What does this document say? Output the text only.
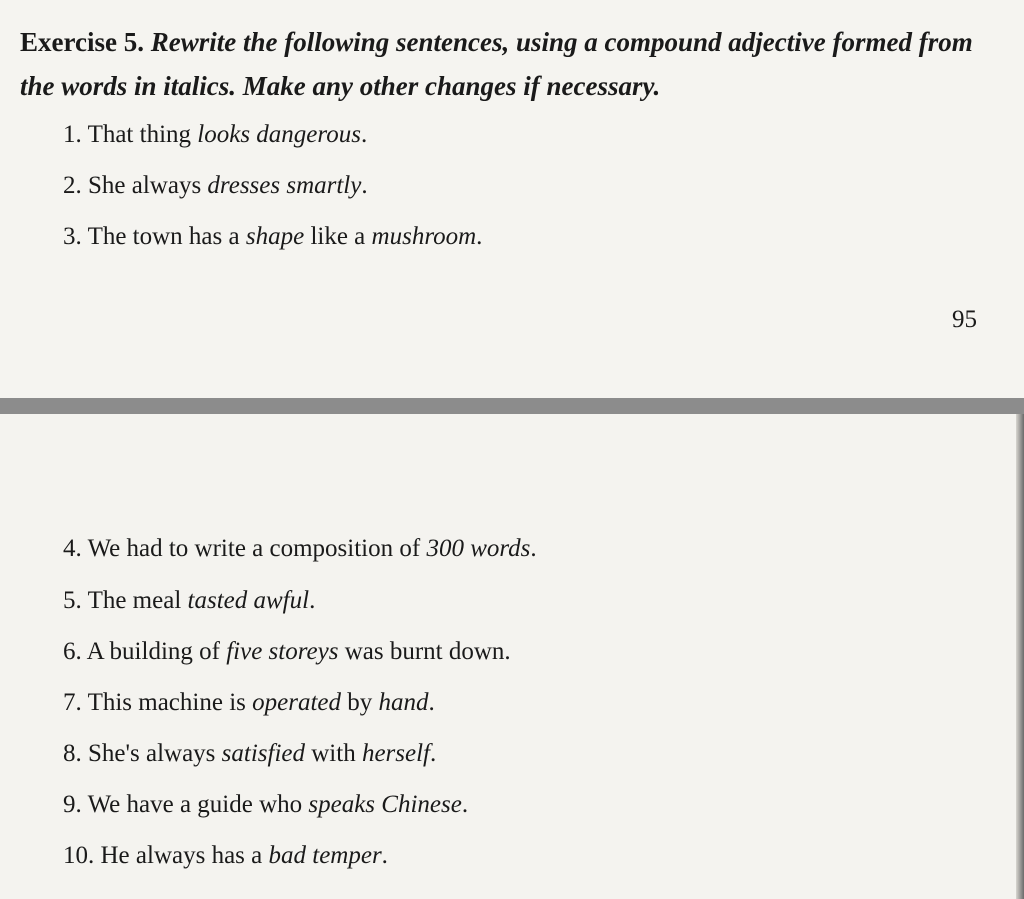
Exercise 5. Rewrite the following sentences, using a compound adjective formed from the words in italics. Make any other changes if necessary.
1. That thing looks dangerous.
2. She always dresses smartly.
3. The town has a shape like a mushroom.
95
4. We had to write a composition of 300 words.
5. The meal tasted awful.
6. A building of five storeys was burnt down.
7. This machine is operated by hand.
8. She's always satisfied with herself.
9. We have a guide who speaks Chinese.
10. He always has a bad temper.
